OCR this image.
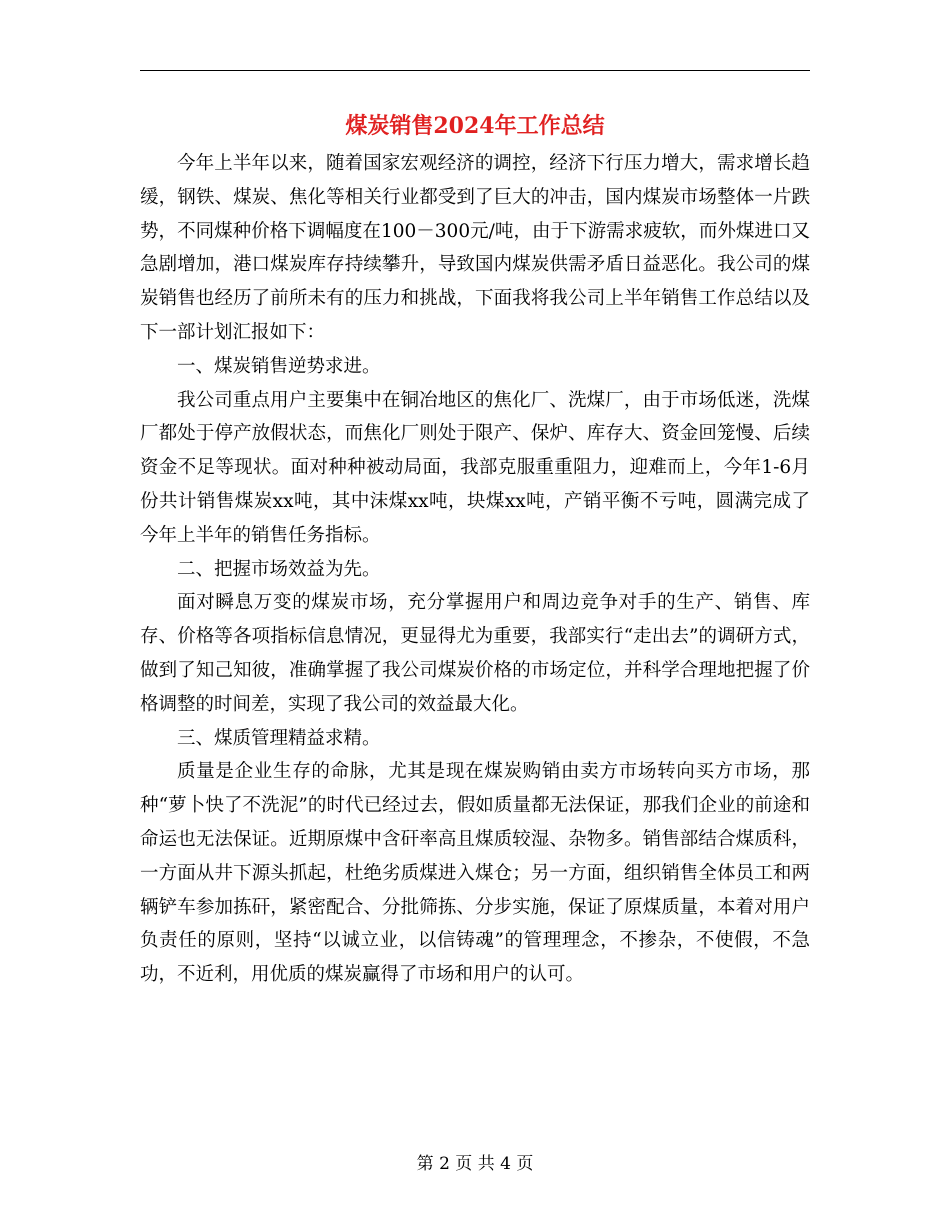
煤炭销售2024年工作总结

今年上半年以来，随着国家宏观经济的调控，经济下行压力增大，需求增长趋缓，钢铁、煤炭、焦化等相关行业都受到了巨大的冲击，国内煤炭市场整体一片跌势，不同煤种价格下调幅度在100－300元/吨，由于下游需求疲软，而外煤进口又急剧增加，港口煤炭库存持续攀升，导致国内煤炭供需矛盾日益恶化。我公司的煤炭销售也经历了前所未有的压力和挑战，下面我将我公司上半年销售工作总结以及下一部计划汇报如下：

一、煤炭销售逆势求进。

我公司重点用户主要集中在铜冶地区的焦化厂、洗煤厂，由于市场低迷，洗煤厂都处于停产放假状态，而焦化厂则处于限产、保炉、库存大、资金回笼慢、后续资金不足等现状。面对种种被动局面，我部克服重重阻力，迎难而上，今年1-6月份共计销售煤炭xx吨，其中沫煤xx吨，块煤xx吨，产销平衡不亏吨，圆满完成了今年上半年的销售任务指标。

二、把握市场效益为先。

面对瞬息万变的煤炭市场，充分掌握用户和周边竞争对手的生产、销售、库存、价格等各项指标信息情况，更显得尤为重要，我部实行“走出去”的调研方式，做到了知己知彼，准确掌握了我公司煤炭价格的市场定位，并科学合理地把握了价格调整的时间差，实现了我公司的效益最大化。

三、煤质管理精益求精。

质量是企业生存的命脉，尤其是现在煤炭购销由卖方市场转向买方市场，那种“萝卜快了不洗泥”的时代已经过去，假如质量都无法保证，那我们企业的前途和命运也无法保证。近期原煤中含矸率高且煤质较湿、杂物多。销售部结合煤质科，一方面从井下源头抓起，杜绝劣质煤进入煤仓；另一方面，组织销售全体员工和两辆铲车参加拣矸，紧密配合、分批筛拣、分步实施，保证了原煤质量，本着对用户负责任的原则，坚持“以诚立业，以信铸魂”的管理理念，不掺杂，不使假，不急功，不近利，用优质的煤炭赢得了市场和用户的认可。

第 2 页 共 4 页
